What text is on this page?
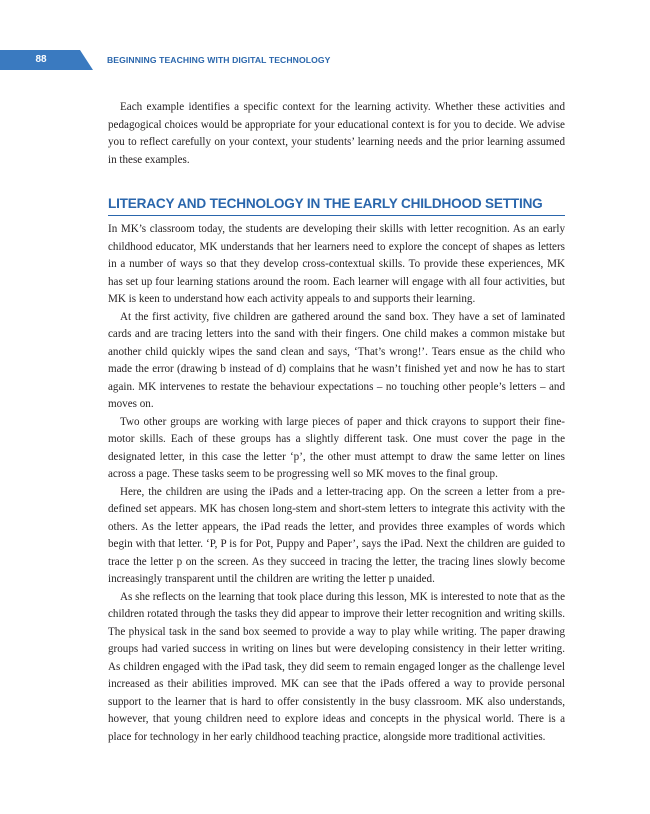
88	BEGINNING TEACHING WITH DIGITAL TECHNOLOGY

Each example identifies a specific context for the learning activity. Whether these activities and pedagogical choices would be appropriate for your educational context is for you to decide. We advise you to reflect carefully on your context, your students’ learning needs and the prior learning assumed in these examples.

LITERACY AND TECHNOLOGY IN THE EARLY CHILDHOOD SETTING

In MK’s classroom today, the students are developing their skills with letter recognition. As an early childhood educator, MK understands that her learners need to explore the concept of shapes as letters in a number of ways so that they develop cross-contextual skills. To provide these experiences, MK has set up four learning stations around the room. Each learner will engage with all four activities, but MK is keen to understand how each activity appeals to and supports their learning.

At the first activity, five children are gathered around the sand box. They have a set of laminated cards and are tracing letters into the sand with their fingers. One child makes a common mistake but another child quickly wipes the sand clean and says, ‘That’s wrong!’. Tears ensue as the child who made the error (drawing b instead of d) complains that he wasn’t finished yet and now he has to start again. MK intervenes to restate the behaviour expectations – no touching other people’s letters – and moves on.

Two other groups are working with large pieces of paper and thick crayons to support their fine-motor skills. Each of these groups has a slightly different task. One must cover the page in the designated letter, in this case the letter ‘p’, the other must attempt to draw the same letter on lines across a page. These tasks seem to be progressing well so MK moves to the final group.

Here, the children are using the iPads and a letter-tracing app. On the screen a letter from a pre-defined set appears. MK has chosen long-stem and short-stem letters to integrate this activity with the others. As the letter appears, the iPad reads the letter, and provides three examples of words which begin with that letter. ‘P, P is for Pot, Puppy and Paper’, says the iPad. Next the children are guided to trace the letter p on the screen. As they succeed in tracing the letter, the tracing lines slowly become increasingly transparent until the children are writing the letter p unaided.

As she reflects on the learning that took place during this lesson, MK is interested to note that as the children rotated through the tasks they did appear to improve their letter recognition and writing skills. The physical task in the sand box seemed to provide a way to play while writing. The paper drawing groups had varied success in writing on lines but were developing consistency in their letter writing. As children engaged with the iPad task, they did seem to remain engaged longer as the challenge level increased as their abilities improved. MK can see that the iPads offered a way to provide personal support to the learner that is hard to offer consistently in the busy classroom. MK also understands, however, that young children need to explore ideas and concepts in the physical world. There is a place for technology in her early childhood teaching practice, alongside more traditional activities.
